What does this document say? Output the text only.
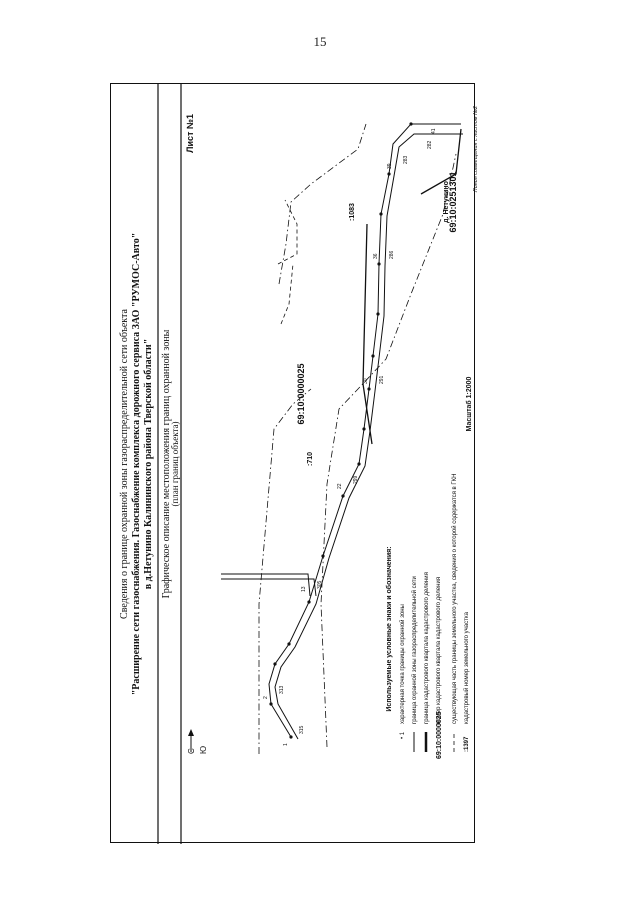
15
Сведения о границе охранной зоны газораспределительной сети объекта "Расширение сети газоснабжения. Газоснабжение комплекса дорожного сервиса ЗАО "РУМОС-Авто" в д.Нетунино Калининского района Тверской области" Графическое описание местоположения границ охранной зоны
(план границ объекта)
Лист №1
С Ю
1
315
2
313
13
305
22
299
30 291
36 286
39
283
41
282
69:10:0000025
:710
:1083	69:10:0251301
д. Нетунино
Линия совмещения с листом №2
Масштаб 1:2000
Используемые условные знаки и обозначения:
• 1
характерная точка границы охранной зоны граница охранной зоны газораспределительной сети граница кадастрового квартала кадастрового деления
69:10:0000025
номер кадастрового квартала кадастрового деления существующая часть границы земельного участка, сведения о которой содержатся в ГКН
:1397
кадастровый номер земельного участка
